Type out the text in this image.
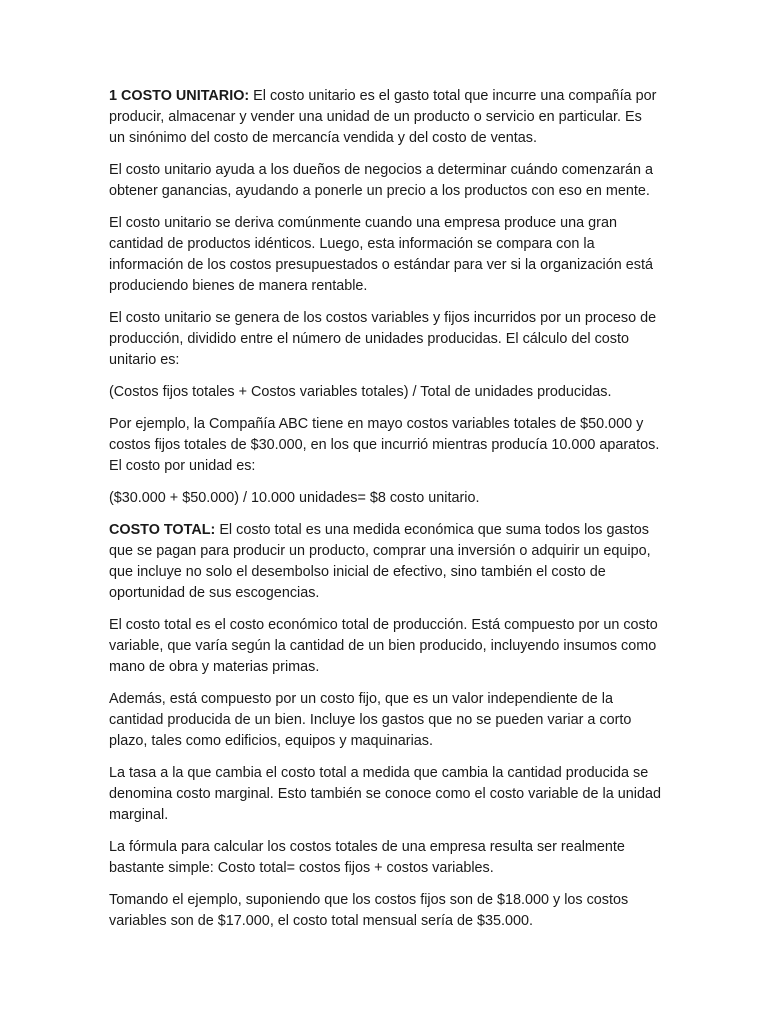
1 COSTO UNITARIO: El costo unitario es el gasto total que incurre una compañía por producir, almacenar y vender una unidad de un producto o servicio en particular. Es un sinónimo del costo de mercancía vendida y del costo de ventas.

El costo unitario ayuda a los dueños de negocios a determinar cuándo comenzarán a obtener ganancias, ayudando a ponerle un precio a los productos con eso en mente.

El costo unitario se deriva comúnmente cuando una empresa produce una gran cantidad de productos idénticos. Luego, esta información se compara con la información de los costos presupuestados o estándar para ver si la organización está produciendo bienes de manera rentable.

El costo unitario se genera de los costos variables y fijos incurridos por un proceso de producción, dividido entre el número de unidades producidas. El cálculo del costo unitario es:

(Costos fijos totales + Costos variables totales) / Total de unidades producidas.

Por ejemplo, la Compañía ABC tiene en mayo costos variables totales de $50.000 y costos fijos totales de $30.000, en los que incurrió mientras producía 10.000 aparatos. El costo por unidad es:

($30.000 + $50.000) / 10.000 unidades= $8 costo unitario.

COSTO TOTAL: El costo total es una medida económica que suma todos los gastos que se pagan para producir un producto, comprar una inversión o adquirir un equipo, que incluye no solo el desembolso inicial de efectivo, sino también el costo de oportunidad de sus escogencias.

El costo total es el costo económico total de producción. Está compuesto por un costo variable, que varía según la cantidad de un bien producido, incluyendo insumos como mano de obra y materias primas.

Además, está compuesto por un costo fijo, que es un valor independiente de la cantidad producida de un bien. Incluye los gastos que no se pueden variar a corto plazo, tales como edificios, equipos y maquinarias.

La tasa a la que cambia el costo total a medida que cambia la cantidad producida se denomina costo marginal. Esto también se conoce como el costo variable de la unidad marginal.

La fórmula para calcular los costos totales de una empresa resulta ser realmente bastante simple: Costo total= costos fijos + costos variables.

Tomando el ejemplo, suponiendo que los costos fijos son de $18.000 y los costos variables son de $17.000, el costo total mensual sería de $35.000.
